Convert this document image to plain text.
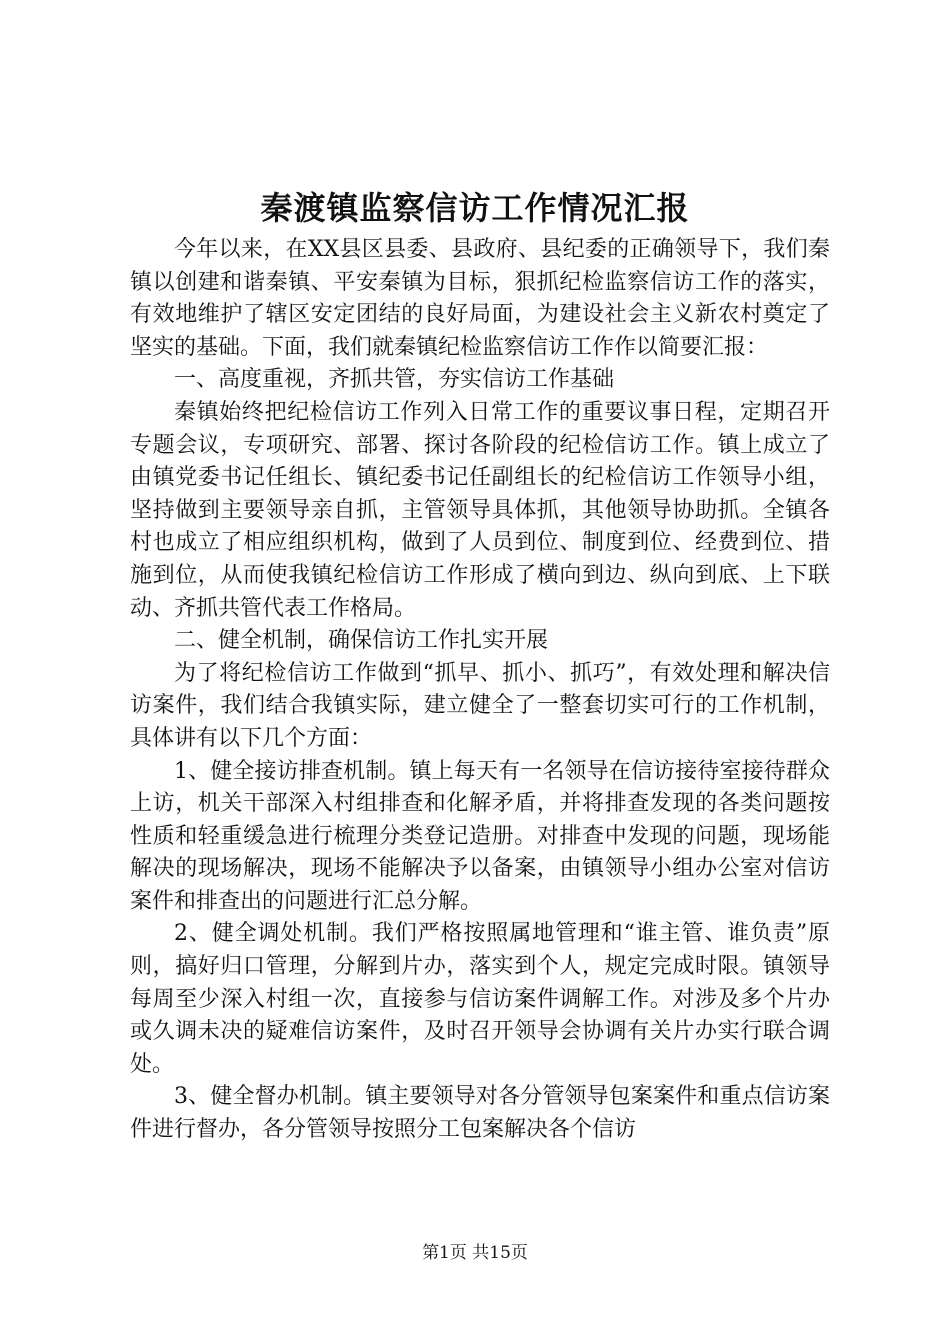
秦渡镇监察信访工作情况汇报

今年以来，在XX县区县委、县政府、县纪委的正确领导下，我们秦镇以创建和谐秦镇、平安秦镇为目标，狠抓纪检监察信访工作的落实，有效地维护了辖区安定团结的良好局面，为建设社会主义新农村奠定了坚实的基础。下面，我们就秦镇纪检监察信访工作作以简要汇报：

一、高度重视，齐抓共管，夯实信访工作基础

秦镇始终把纪检信访工作列入日常工作的重要议事日程，定期召开专题会议，专项研究、部署、探讨各阶段的纪检信访工作。镇上成立了由镇党委书记任组长、镇纪委书记任副组长的纪检信访工作领导小组，坚持做到主要领导亲自抓，主管领导具体抓，其他领导协助抓。全镇各村也成立了相应组织机构，做到了人员到位、制度到位、经费到位、措施到位，从而使我镇纪检信访工作形成了横向到边、纵向到底、上下联动、齐抓共管代表工作格局。

二、健全机制，确保信访工作扎实开展

为了将纪检信访工作做到“抓早、抓小、抓巧”，有效处理和解决信访案件，我们结合我镇实际，建立健全了一整套切实可行的工作机制，具体讲有以下几个方面：

1、健全接访排查机制。镇上每天有一名领导在信访接待室接待群众上访，机关干部深入村组排查和化解矛盾，并将排查发现的各类问题按性质和轻重缓急进行梳理分类登记造册。对排查中发现的问题，现场能解决的现场解决，现场不能解决予以备案，由镇领导小组办公室对信访案件和排查出的问题进行汇总分解。

2、健全调处机制。我们严格按照属地管理和“谁主管、谁负责”原则，搞好归口管理，分解到片办，落实到个人，规定完成时限。镇领导每周至少深入村组一次，直接参与信访案件调解工作。对涉及多个片办或久调未决的疑难信访案件，及时召开领导会协调有关片办实行联合调处。

3、健全督办机制。镇主要领导对各分管领导包案案件和重点信访案件进行督办，各分管领导按照分工包案解决各个信访

第1页 共15页
